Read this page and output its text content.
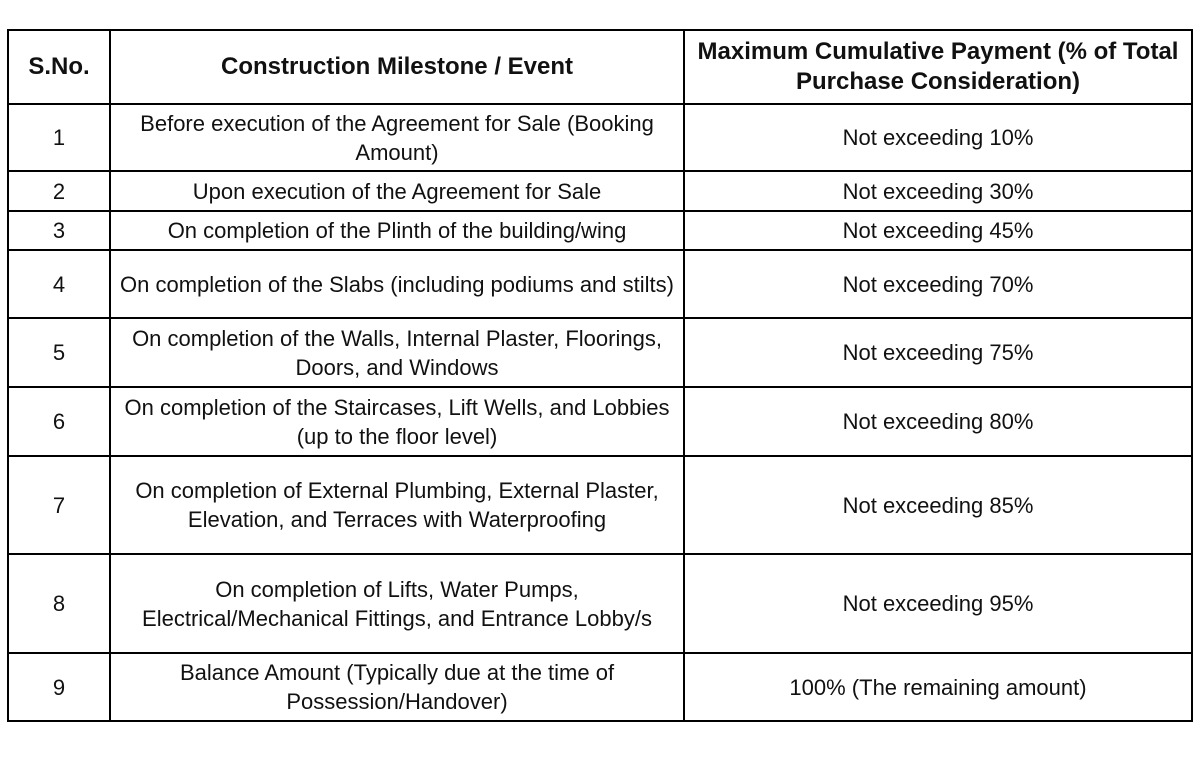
S.No.	Construction Milestone / Event	Maximum Cumulative Payment (% of Total Purchase Consideration)
1	Before execution of the Agreement for Sale (Booking Amount)	Not exceeding 10%
2	Upon execution of the Agreement for Sale	Not exceeding 30%
3	On completion of the Plinth of the building/wing	Not exceeding 45%
4	On completion of the Slabs (including podiums and stilts)	Not exceeding 70%
5	On completion of the Walls, Internal Plaster, Floorings, Doors, and Windows	Not exceeding 75%
6	On completion of the Staircases, Lift Wells, and Lobbies (up to the floor level)	Not exceeding 80%
7	On completion of External Plumbing, External Plaster, Elevation, and Terraces with Waterproofing	Not exceeding 85%
8	On completion of Lifts, Water Pumps, Electrical/Mechanical Fittings, and Entrance Lobby/s	Not exceeding 95%
9	Balance Amount (Typically due at the time of Possession/Handover)	100% (The remaining amount)
